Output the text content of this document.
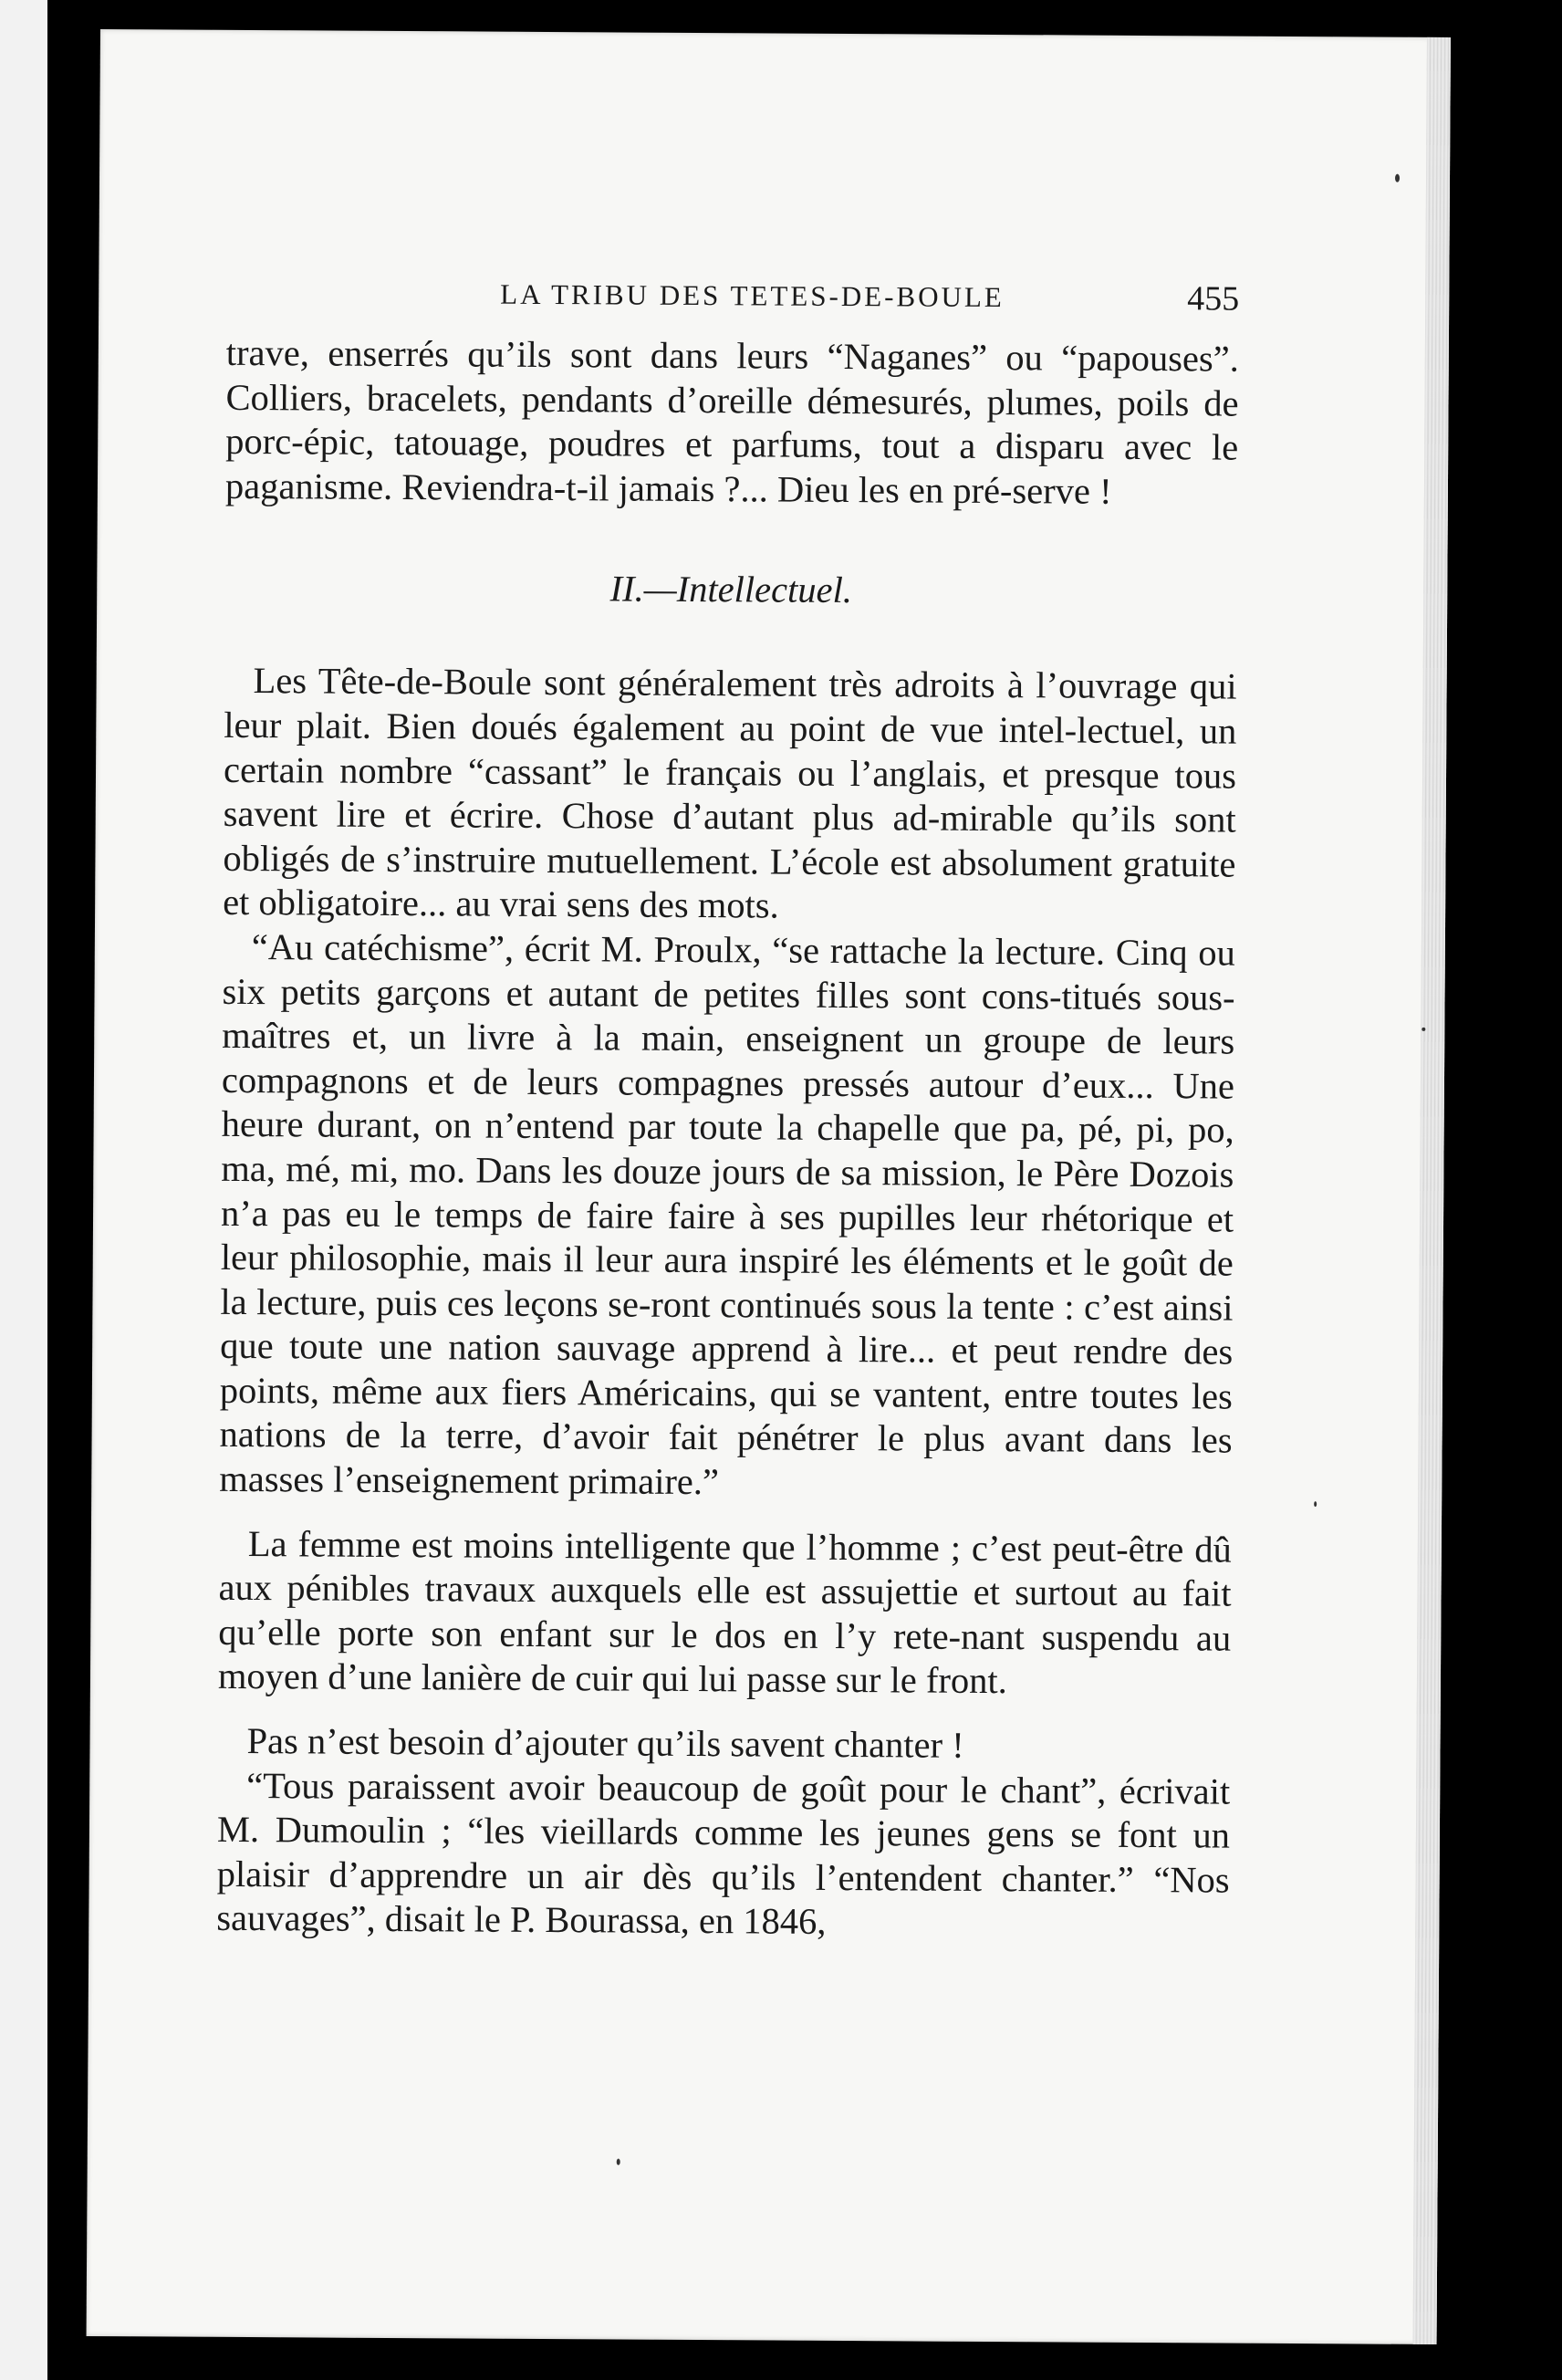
LA TRIBU DES TETES-DE-BOULE	455

trave, enserrés qu’ils sont dans leurs “Naganes” ou “papouses”. Colliers, bracelets, pendants d’oreille démesurés, plumes, poils de porc-épic, tatouage, poudres et parfums, tout a disparu avec le paganisme. Reviendra-t-il jamais ?... Dieu les en pré-serve !

II.—Intellectuel.

Les Tête-de-Boule sont généralement très adroits à l’ouvrage qui leur plait. Bien doués également au point de vue intel-lectuel, un certain nombre “cassant” le français ou l’anglais, et presque tous savent lire et écrire. Chose d’autant plus ad-mirable qu’ils sont obligés de s’instruire mutuellement. L’école est absolument gratuite et obligatoire... au vrai sens des mots.

“Au catéchisme”, écrit M. Proulx, “se rattache la lecture. Cinq ou six petits garçons et autant de petites filles sont cons-titués sous-maîtres et, un livre à la main, enseignent un groupe de leurs compagnons et de leurs compagnes pressés autour d’eux... Une heure durant, on n’entend par toute la chapelle que pa, pé, pi, po, ma, mé, mi, mo. Dans les douze jours de sa mission, le Père Dozois n’a pas eu le temps de faire faire à ses pupilles leur rhétorique et leur philosophie, mais il leur aura inspiré les éléments et le goût de la lecture, puis ces leçons se-ront continués sous la tente : c’est ainsi que toute une nation sauvage apprend à lire... et peut rendre des points, même aux fiers Américains, qui se vantent, entre toutes les nations de la terre, d’avoir fait pénétrer le plus avant dans les masses l’enseignement primaire.”

La femme est moins intelligente que l’homme ; c’est peut-être dû aux pénibles travaux auxquels elle est assujettie et surtout au fait qu’elle porte son enfant sur le dos en l’y rete-nant suspendu au moyen d’une lanière de cuir qui lui passe sur le front.

Pas n’est besoin d’ajouter qu’ils savent chanter !

“Tous paraissent avoir beaucoup de goût pour le chant”, écrivait M. Dumoulin ; “les vieillards comme les jeunes gens se font un plaisir d’apprendre un air dès qu’ils l’entendent chanter.” “Nos sauvages”, disait le P. Bourassa, en 1846,
